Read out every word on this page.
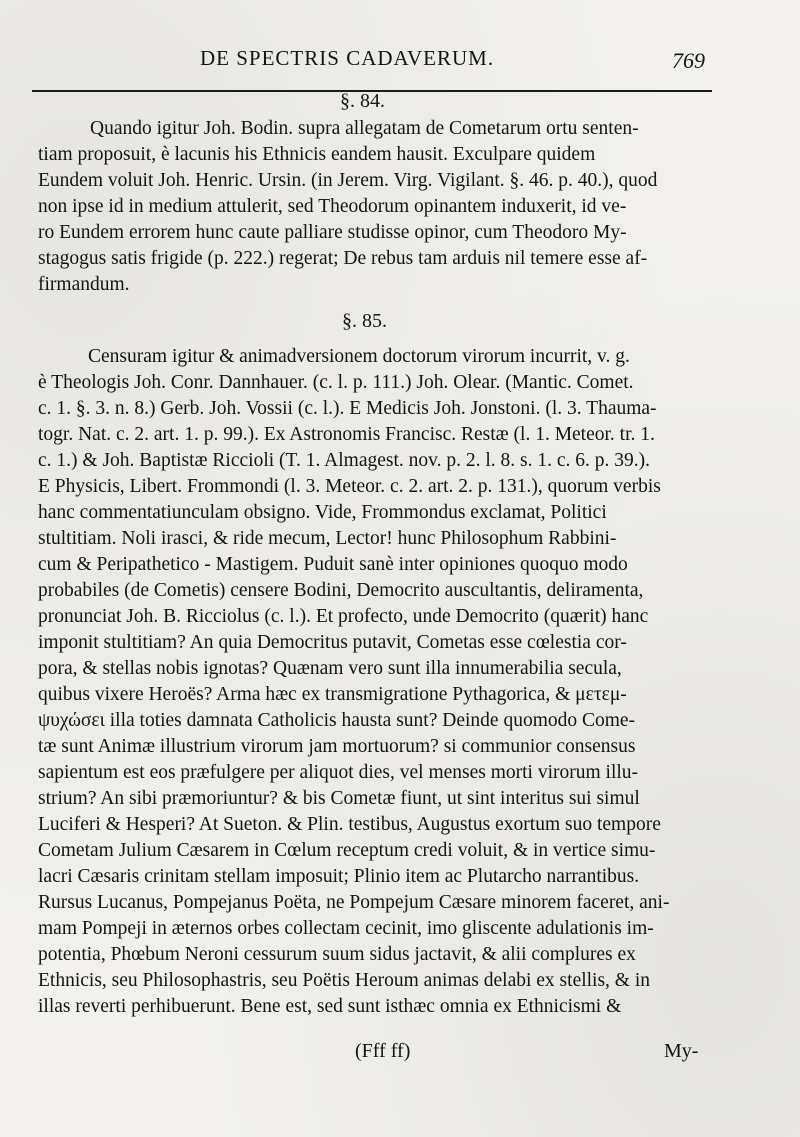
DE SPECTRIS CADAVERUM.	769
§. 84.
Quando igitur Joh. Bodin. supra allegatam de Cometarum ortu senten-
tiam proposuit, è lacunis his Ethnicis eandem hausit. Exculpare quidem
Eundem voluit Joh. Henric. Ursin. (in Jerem. Virg. Vigilant. §. 46. p. 40.), quod
non ipse id in medium attulerit, sed Theodorum opinantem induxerit, id ve-
ro Eundem errorem hunc caute palliare studisse opinor, cum Theodoro My-
stagogus satis frigide (p. 222.) regerat; De rebus tam arduis nil temere esse af-
firmandum.
§. 85.
Censuram igitur & animadversionem doctorum virorum incurrit, v. g.
è Theologis Joh. Conr. Dannhauer. (c. l. p. 111.) Joh. Olear. (Mantic. Comet.
c. 1. §. 3. n. 8.) Gerb. Joh. Vossii (c. l.). E Medicis Joh. Jonstoni. (l. 3. Thauma-
togr. Nat. c. 2. art. 1. p. 99.). Ex Astronomis Francisc. Restæ (l. 1. Meteor. tr. 1.
c. 1.) & Joh. Baptistæ Riccioli (T. 1. Almagest. nov. p. 2. l. 8. s. 1. c. 6. p. 39.).
E Physicis, Libert. Frommondi (l. 3. Meteor. c. 2. art. 2. p. 131.), quorum verbis
hanc commentatiunculam obsigno. Vide, Frommondus exclamat, Politici
stultitiam. Noli irasci, & ride mecum, Lector! hunc Philosophum Rabbini-
cum & Peripathetico - Mastigem. Puduit sanè inter opiniones quoquo modo
probabiles (de Cometis) censere Bodini, Democrito auscultantis, deliramenta,
pronunciat Joh. B. Ricciolus (c. l.). Et profecto, unde Democrito (quærit) hanc
imponit stultitiam? An quia Democritus putavit, Cometas esse cœlestia cor-
pora, & stellas nobis ignotas? Quænam vero sunt illa innumerabilia secula,
quibus vixere Heroës? Arma hæc ex transmigratione Pythagorica, & μετεμ-
ψυχώσει illa toties damnata Catholicis hausta sunt? Deinde quomodo Come-
tæ sunt Animæ illustrium virorum jam mortuorum? si communior consensus
sapientum est eos præfulgere per aliquot dies, vel menses morti virorum illu-
strium? An sibi præmoriuntur? & bis Cometæ fiunt, ut sint interitus sui simul
Luciferi & Hesperi? At Sueton. & Plin. testibus, Augustus exortum suo tempore
Cometam Julium Cæsarem in Cœlum receptum credi voluit, & in vertice simu-
lacri Cæsaris crinitam stellam imposuit; Plinio item ac Plutarcho narrantibus.
Rursus Lucanus, Pompejanus Poëta, ne Pompejum Cæsare minorem faceret, ani-
mam Pompeji in æternos orbes collectam cecinit, imo gliscente adulationis im-
potentia, Phœbum Neroni cessurum suum sidus jactavit, & alii complures ex
Ethnicis, seu Philosophastris, seu Poëtis Heroum animas delabi ex stellis, & in
illas reverti perhibuerunt. Bene est, sed sunt isthæc omnia ex Ethnicismi &
(Fff ff)	My-
